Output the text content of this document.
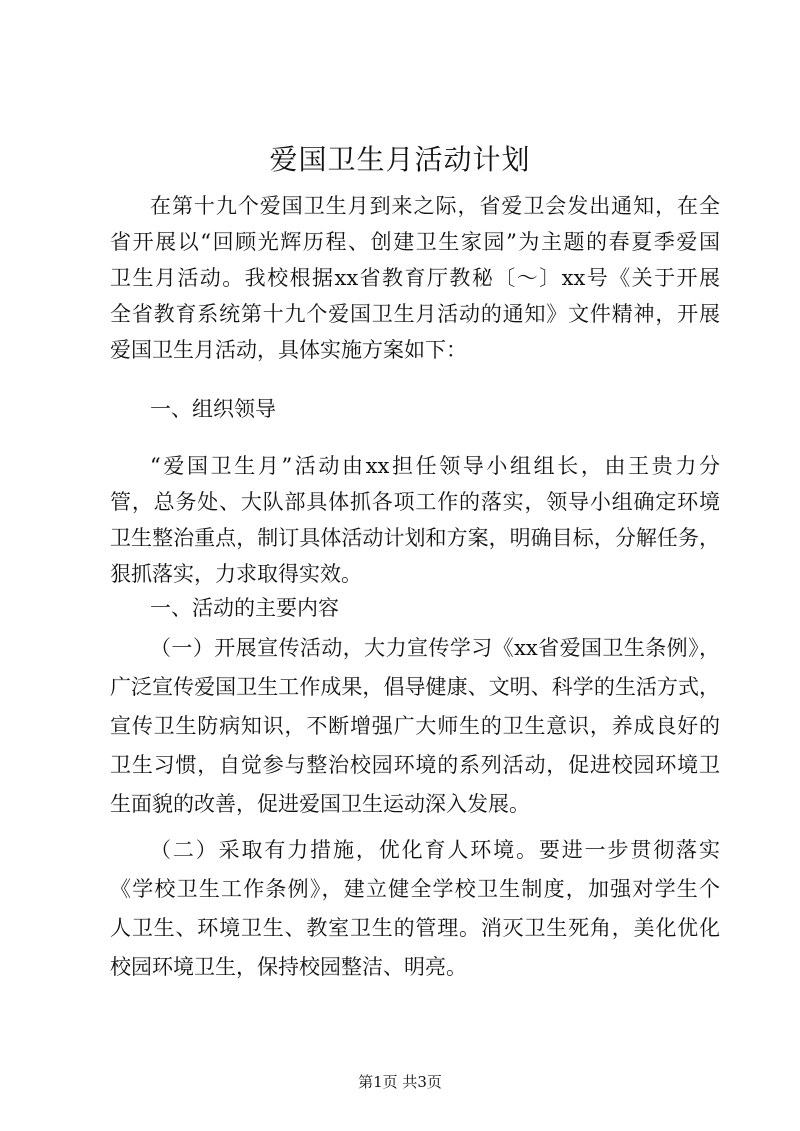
爱国卫生月活动计划
在第十九个爱国卫生月到来之际，省爱卫会发出通知，在全
省开展以“回顾光辉历程、创建卫生家园”为主题的春夏季爱国
卫生月活动。我校根据xx省教育厅教秘〔～〕xx号《关于开展
全省教育系统第十九个爱国卫生月活动的通知》文件精神，开展
爱国卫生月活动，具体实施方案如下：
一、组织领导
“爱国卫生月”活动由xx担任领导小组组长，由王贵力分
管，总务处、大队部具体抓各项工作的落实，领导小组确定环境
卫生整治重点，制订具体活动计划和方案，明确目标，分解任务，
狠抓落实，力求取得实效。
一、活动的主要内容
（一）开展宣传活动，大力宣传学习《xx省爱国卫生条例》，
广泛宣传爱国卫生工作成果，倡导健康、文明、科学的生活方式，
宣传卫生防病知识，不断增强广大师生的卫生意识，养成良好的
卫生习惯，自觉参与整治校园环境的系列活动，促进校园环境卫
生面貌的改善，促进爱国卫生运动深入发展。
（二）采取有力措施，优化育人环境。要进一步贯彻落实
《学校卫生工作条例》，建立健全学校卫生制度，加强对学生个
人卫生、环境卫生、教室卫生的管理。消灭卫生死角，美化优化
校园环境卫生，保持校园整洁、明亮。
第1页 共3页
